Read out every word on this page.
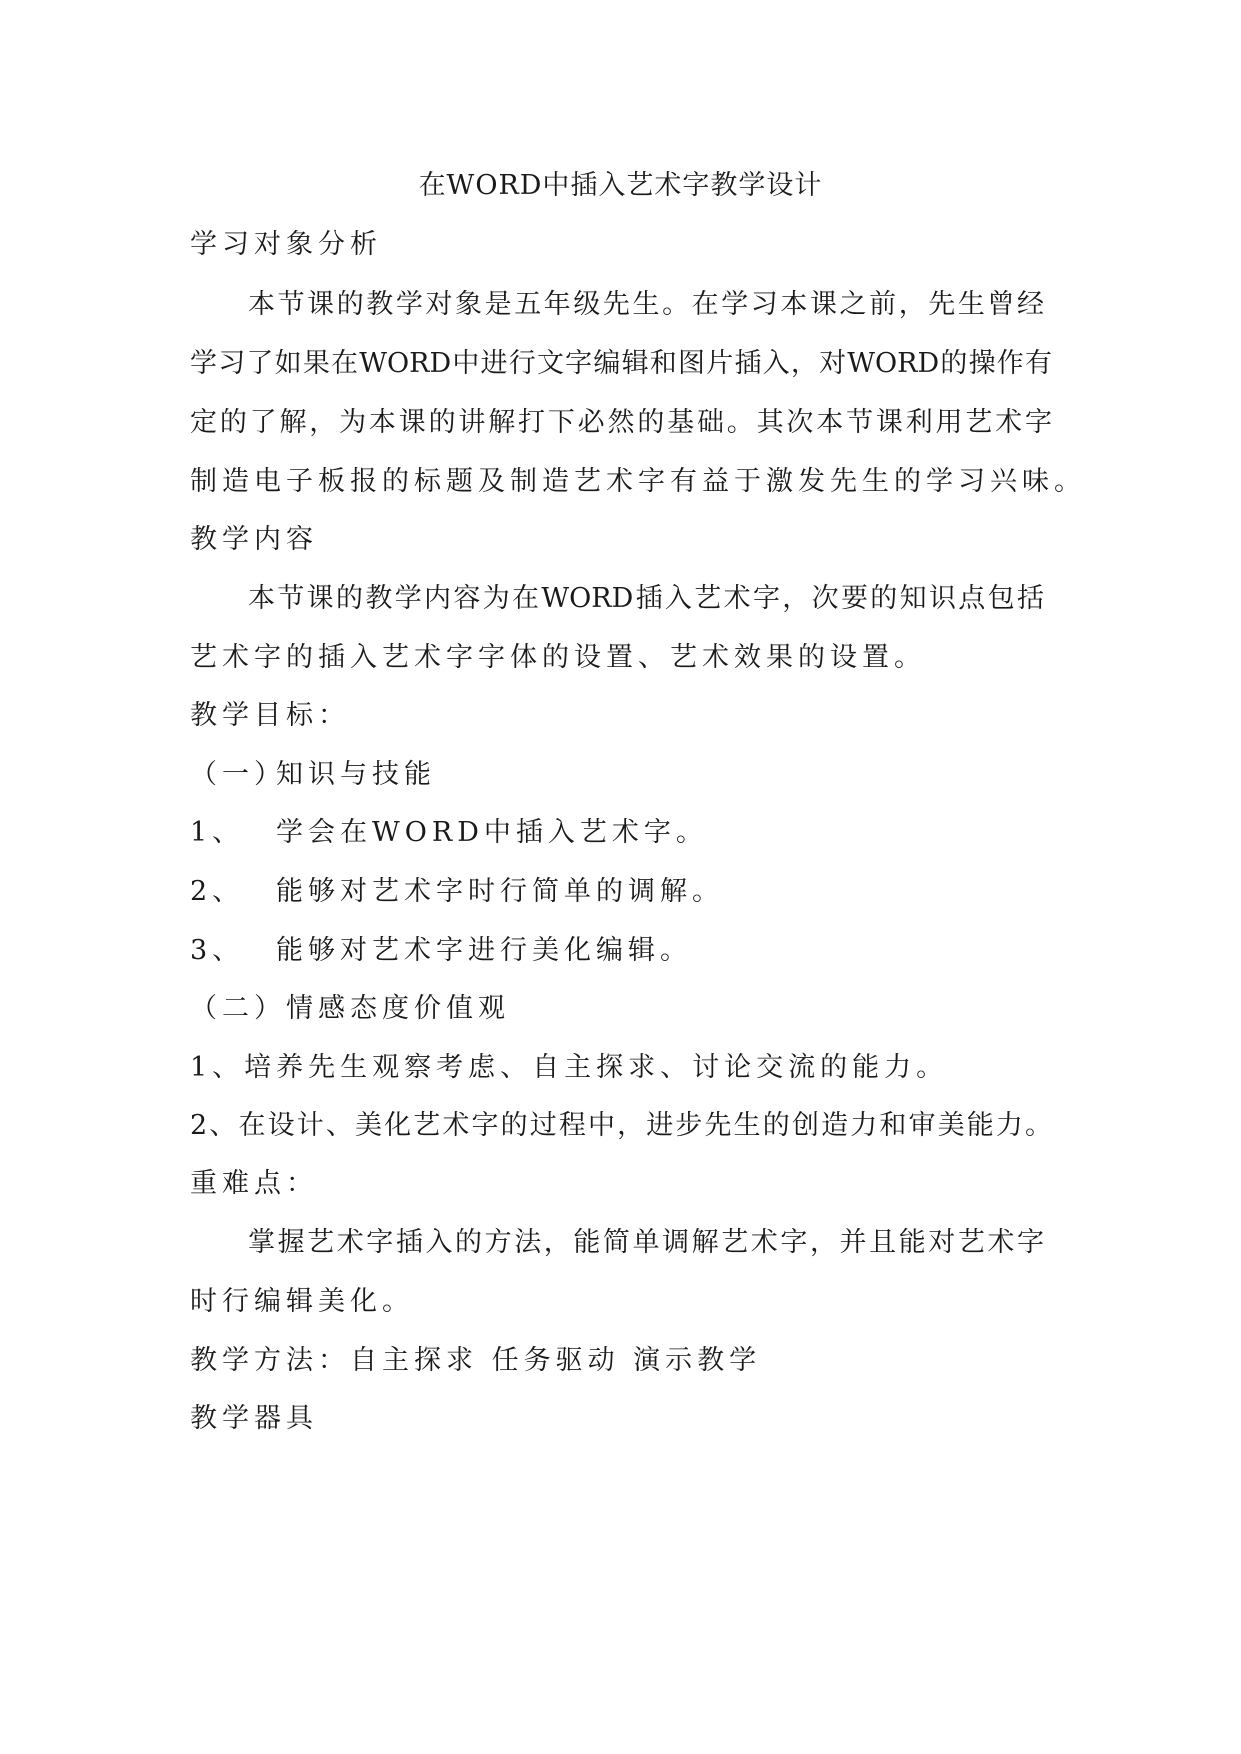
在WORD中插入艺术字教学设计
学习对象分析
本节课的教学对象是五年级先生。在学习本课之前，先生曾经
学习了如果在WORD中进行文字编辑和图片插入，对WORD的操作有
定的了解，为本课的讲解打下必然的基础。其次本节课利用艺术字
制造电子板报的标题及制造艺术字有益于激发先生的学习兴味。
教学内容
本节课的教学内容为在WORD插入艺术字，次要的知识点包括
艺术字的插入艺术字字体的设置、艺术效果的设置。
教学目标：
（一）知识与技能
1、 学会在WORD中插入艺术字。
2、 能够对艺术字时行简单的调解。
3、 能够对艺术字进行美化编辑。
（二）情感态度价值观
1、培养先生观察考虑、自主探求、讨论交流的能力。
2、在设计、美化艺术字的过程中，进步先生的创造力和审美能力。
重难点：
掌握艺术字插入的方法，能简单调解艺术字，并且能对艺术字
时行编辑美化。
教学方法：自主探求 任务驱动 演示教学
教学器具
